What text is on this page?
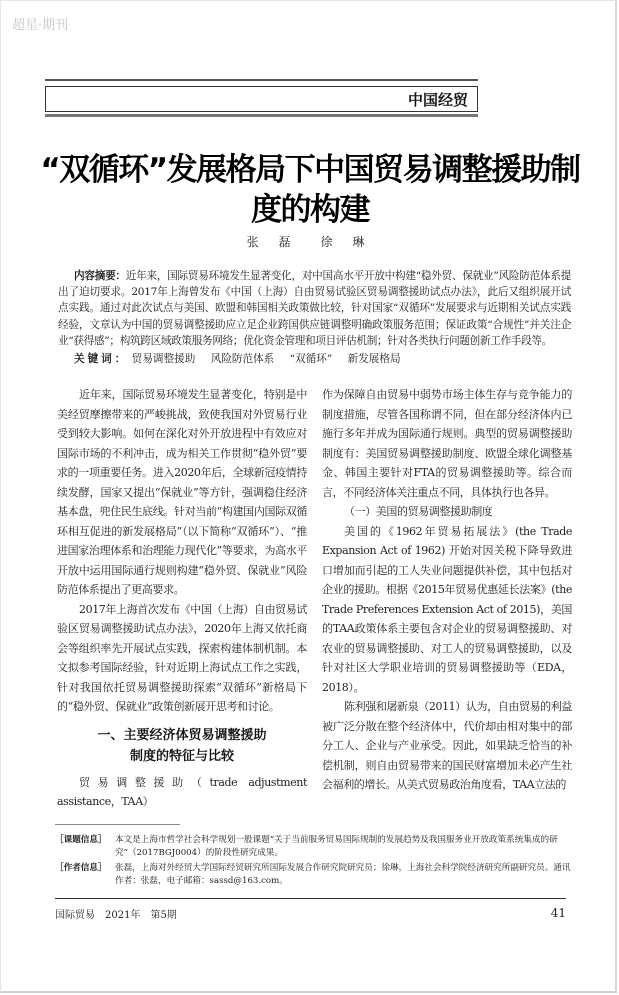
超星·期刊
中国经贸
“双循环”发展格局下中国贸易调整援助制度的构建
张 磊 徐 琳
内容摘要：近年来，国际贸易环境发生显著变化，对中国高水平开放中构建“稳外贸、保就业”风险防范体系提出了迫切要求。2017年上海曾发布《中国（上海）自由贸易试验区贸易调整援助试点办法》，此后又组织展开试点实践。通过对此次试点与美国、欧盟和韩国相关政策做比较，针对国家“双循环”发展要求与近期相关试点实践经验，文章认为中国的贸易调整援助应立足企业跨国供应链调整明确政策服务范围；保证政策“合规性”并关注企业“获得感”；构筑跨区域政策服务网络；优化资金管理和项目评估机制；针对各类执行问题创新工作手段等。
关键词： 贸易调整援助 风险防范体系 “双循环” 新发展格局

近年来，国际贸易环境发生显著变化，特别是中美经贸摩擦带来的严峻挑战，致使我国对外贸易行业受到较大影响。如何在深化对外开放进程中有效应对国际市场的不利冲击，成为相关工作贯彻“稳外贸”要求的一项重要任务。进入2020年后，全球新冠疫情持续发酵，国家又提出“保就业”等方针，强调稳住经济基本盘，兜住民生底线。针对当前“构建国内国际双循环相互促进的新发展格局”（以下简称“双循环”）、“推进国家治理体系和治理能力现代化”等要求，为高水平开放中运用国际通行规则构建“稳外贸、保就业”风险防范体系提出了更高要求。

2017年上海首次发布《中国（上海）自由贸易试验区贸易调整援助试点办法》，2020年上海又依托商会等组织率先开展试点实践，探索构建体制机制。本文拟参考国际经验，针对近期上海试点工作之实践，针对我国依托贸易调整援助探索“双循环”新格局下的“稳外贸、保就业”政策创新展开思考和讨论。

一、主要经济体贸易调整援助
制度的特征与比较

贸易调整援助（trade adjustment assistance，TAA）

作为保障自由贸易中弱势市场主体生存与竞争能力的制度措施，尽管各国称谓不同，但在部分经济体内已施行多年并成为国际通行规则。典型的贸易调整援助制度有：美国贸易调整援助制度、欧盟全球化调整基金、韩国主要针对FTA的贸易调整援助等。综合而言，不同经济体关注重点不同，具体执行也各异。

（一）美国的贸易调整援助制度

美国的《1962年贸易拓展法》(the Trade Expansion Act of 1962) 开始对因关税下降导致进口增加而引起的工人失业问题提供补偿，其中包括对企业的援助。根据《2015年贸易优惠延长法案》(the Trade Preferences Extension Act of 2015)，美国的TAA政策体系主要包含对企业的贸易调整援助、对农业的贸易调整援助、对工人的贸易调整援助，以及针对社区大学职业培训的贸易调整援助等（EDA，2018）。

陈利强和屠新泉（2011）认为，自由贸易的利益被广泛分散在整个经济体中，代价却由相对集中的部分工人、企业与产业承受。因此，如果缺乏恰当的补偿机制，则自由贸易带来的国民财富增加未必产生社会福利的增长。从美式贸易政治角度看，TAA立法的

［课题信息］ 本文是上海市哲学社会科学规划一般课题“关于当前服务贸易国际规制的发展趋势及我国服务业开放政策系统集成的研究”（2017BGJ0004）的阶段性研究成果。
［作者信息］ 张磊，上海对外经贸大学国际经贸研究所国际发展合作研究院研究员；徐琳，上海社会科学院经济研究所副研究员。通讯作者：张磊，电子邮箱：sassd@163.com。
国际贸易　2021年　第5期	41
